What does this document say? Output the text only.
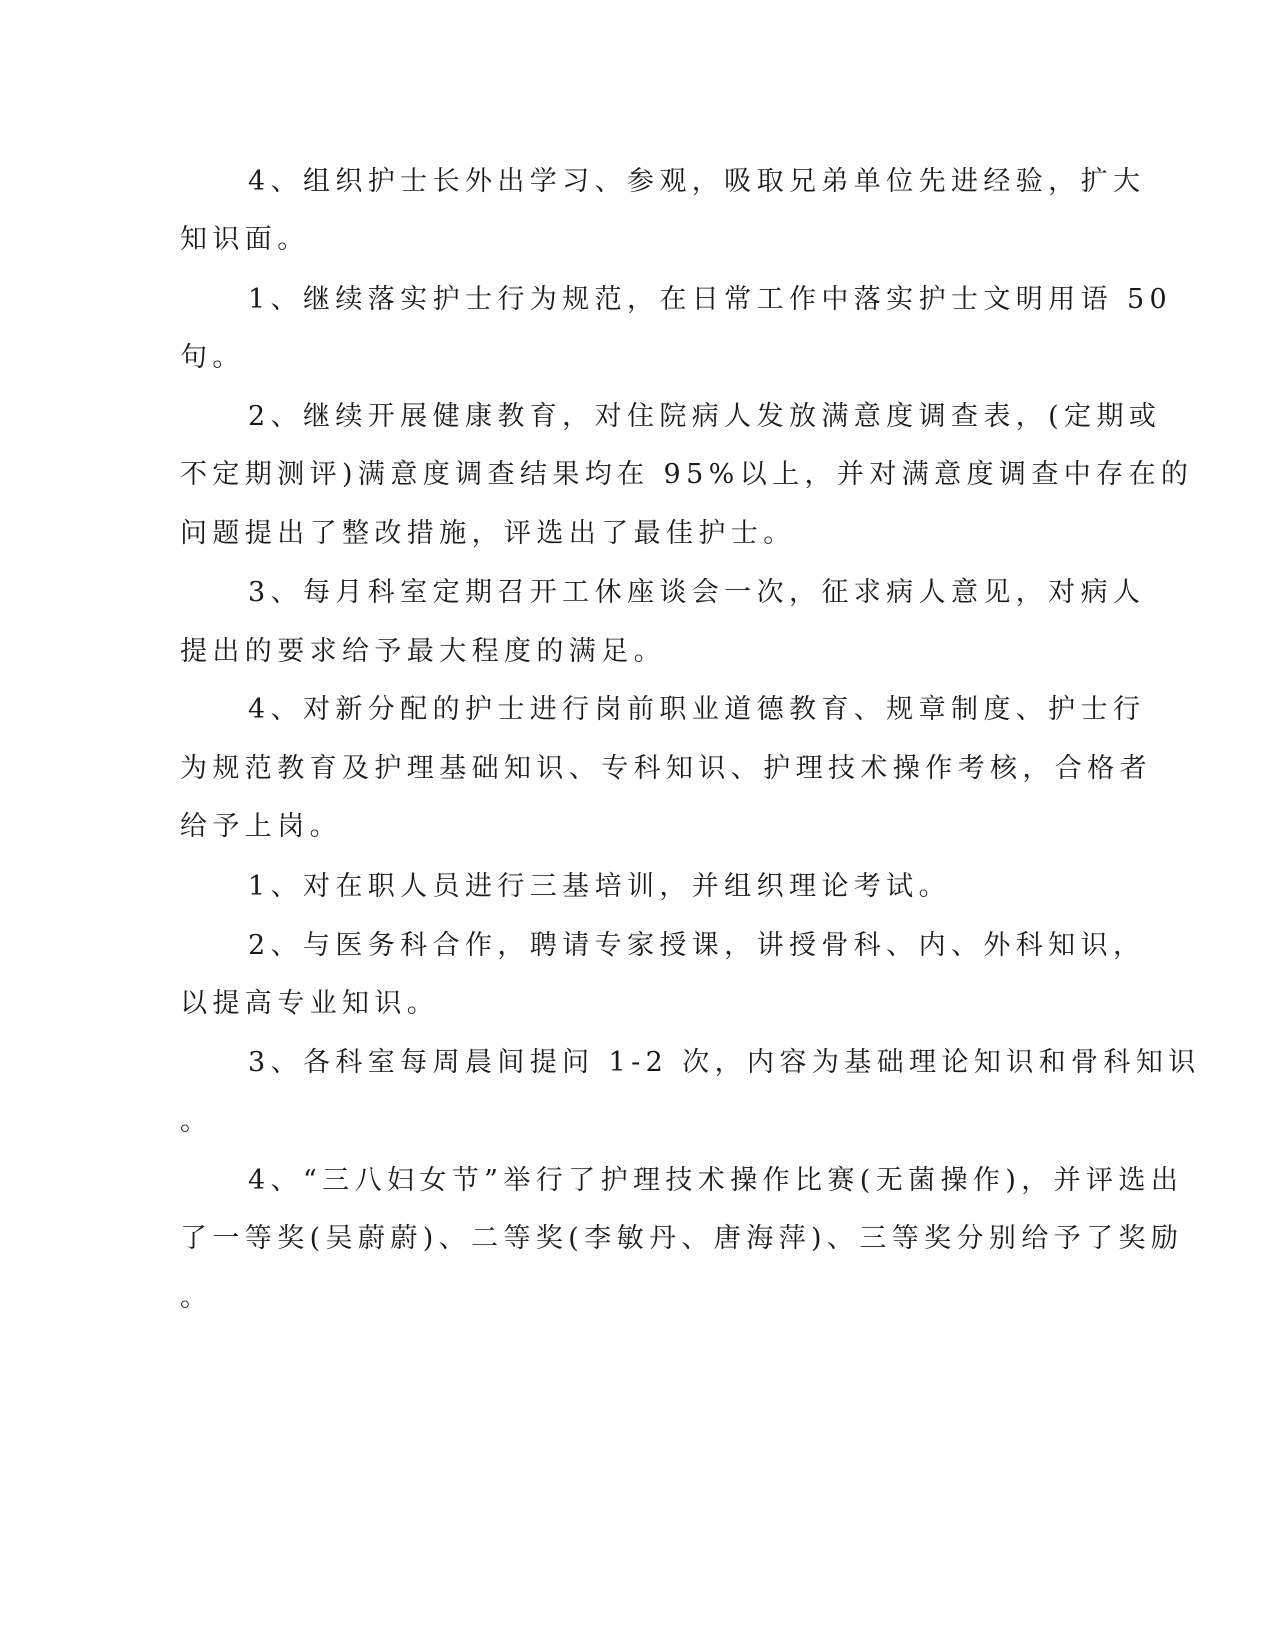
4、组织护士长外出学习、参观，吸取兄弟单位先进经验，扩大
知识面。
1、继续落实护士行为规范，在日常工作中落实护士文明用语 50
句。
2、继续开展健康教育，对住院病人发放满意度调查表，(定期或
不定期测评)满意度调查结果均在 95%以上，并对满意度调查中存在的
问题提出了整改措施，评选出了最佳护士。
3、每月科室定期召开工休座谈会一次，征求病人意见，对病人
提出的要求给予最大程度的满足。
4、对新分配的护士进行岗前职业道德教育、规章制度、护士行
为规范教育及护理基础知识、专科知识、护理技术操作考核，合格者
给予上岗。
1、对在职人员进行三基培训，并组织理论考试。
2、与医务科合作，聘请专家授课，讲授骨科、内、外科知识，
以提高专业知识。
3、各科室每周晨间提问 1-2 次，内容为基础理论知识和骨科知识
。
4、“三八妇女节”举行了护理技术操作比赛(无菌操作)，并评选出
了一等奖(吴蔚蔚)、二等奖(李敏丹、唐海萍)、三等奖分别给予了奖励
。
